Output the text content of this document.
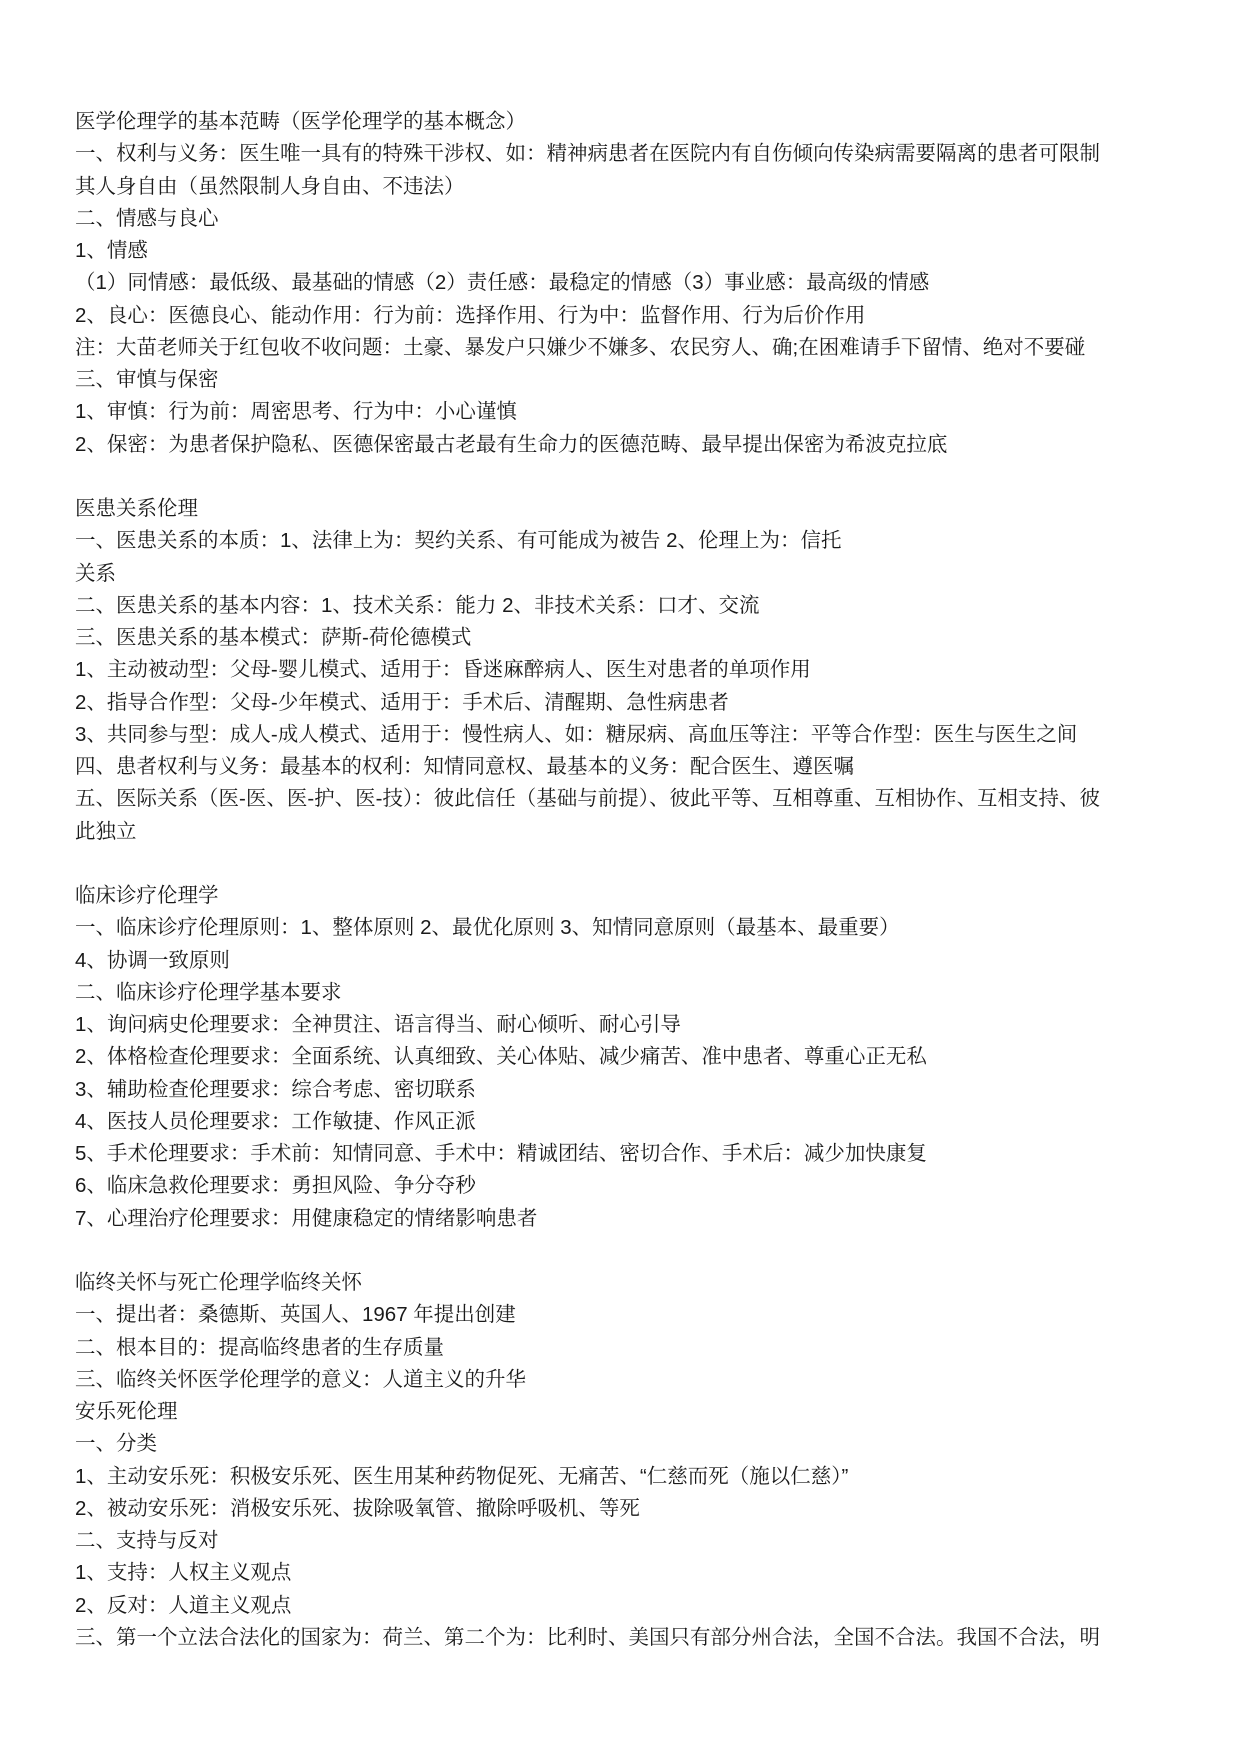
医学伦理学的基本范畴（医学伦理学的基本概念）
一、权利与义务：医生唯一具有的特殊干涉权、如：精神病患者在医院内有自伤倾向传染病需要隔离的患者可限制
其人身自由（虽然限制人身自由、不违法）
二、情感与良心
1、情感
（1）同情感：最低级、最基础的情感（2）责任感：最稳定的情感（3）事业感：最高级的情感
2、良心：医德良心、能动作用：行为前：选择作用、行为中：监督作用、行为后价作用
注：大苗老师关于红包收不收问题：土豪、暴发户只嫌少不嫌多、农民穷人、确;在困难请手下留情、绝对不要碰
三、审慎与保密
1、审慎：行为前：周密思考、行为中：小心谨慎
2、保密：为患者保护隐私、医德保密最古老最有生命力的医德范畴、最早提出保密为希波克拉底
医患关系伦理
一、医患关系的本质：1、法律上为：契约关系、有可能成为被告 2、伦理上为：信托
关系
二、医患关系的基本内容：1、技术关系：能力 2、非技术关系：口才、交流
三、医患关系的基本模式：萨斯-荷伦德模式
1、主动被动型：父母-婴儿模式、适用于：昏迷麻醉病人、医生对患者的单项作用
2、指导合作型：父母-少年模式、适用于：手术后、清醒期、急性病患者
3、共同参与型：成人-成人模式、适用于：慢性病人、如：糖尿病、高血压等注：平等合作型：医生与医生之间
四、患者权利与义务：最基本的权利：知情同意权、最基本的义务：配合医生、遵医嘱
五、医际关系（医-医、医-护、医-技）：彼此信任（基础与前提）、彼此平等、互相尊重、互相协作、互相支持、彼
此独立
临床诊疗伦理学
一、临床诊疗伦理原则：1、整体原则 2、最优化原则 3、知情同意原则（最基本、最重要）
4、协调一致原则
二、临床诊疗伦理学基本要求
1、询问病史伦理要求：全神贯注、语言得当、耐心倾听、耐心引导
2、体格检查伦理要求：全面系统、认真细致、关心体贴、减少痛苦、准中患者、尊重心正无私
3、辅助检查伦理要求：综合考虑、密切联系
4、医技人员伦理要求：工作敏捷、作风正派
5、手术伦理要求：手术前：知情同意、手术中：精诚团结、密切合作、手术后：减少加快康复
6、临床急救伦理要求：勇担风险、争分夺秒
7、心理治疗伦理要求：用健康稳定的情绪影响患者
临终关怀与死亡伦理学临终关怀
一、提出者：桑德斯、英国人、1967 年提出创建
二、根本目的：提高临终患者的生存质量
三、临终关怀医学伦理学的意义：人道主义的升华
安乐死伦理
一、分类
1、主动安乐死：积极安乐死、医生用某种药物促死、无痛苦、“仁慈而死（施以仁慈）”
2、被动安乐死：消极安乐死、拔除吸氧管、撤除呼吸机、等死
二、支持与反对
1、支持：人权主义观点
2、反对：人道主义观点
三、第一个立法合法化的国家为：荷兰、第二个为：比利时、美国只有部分州合法，全国不合法。我国不合法，明
